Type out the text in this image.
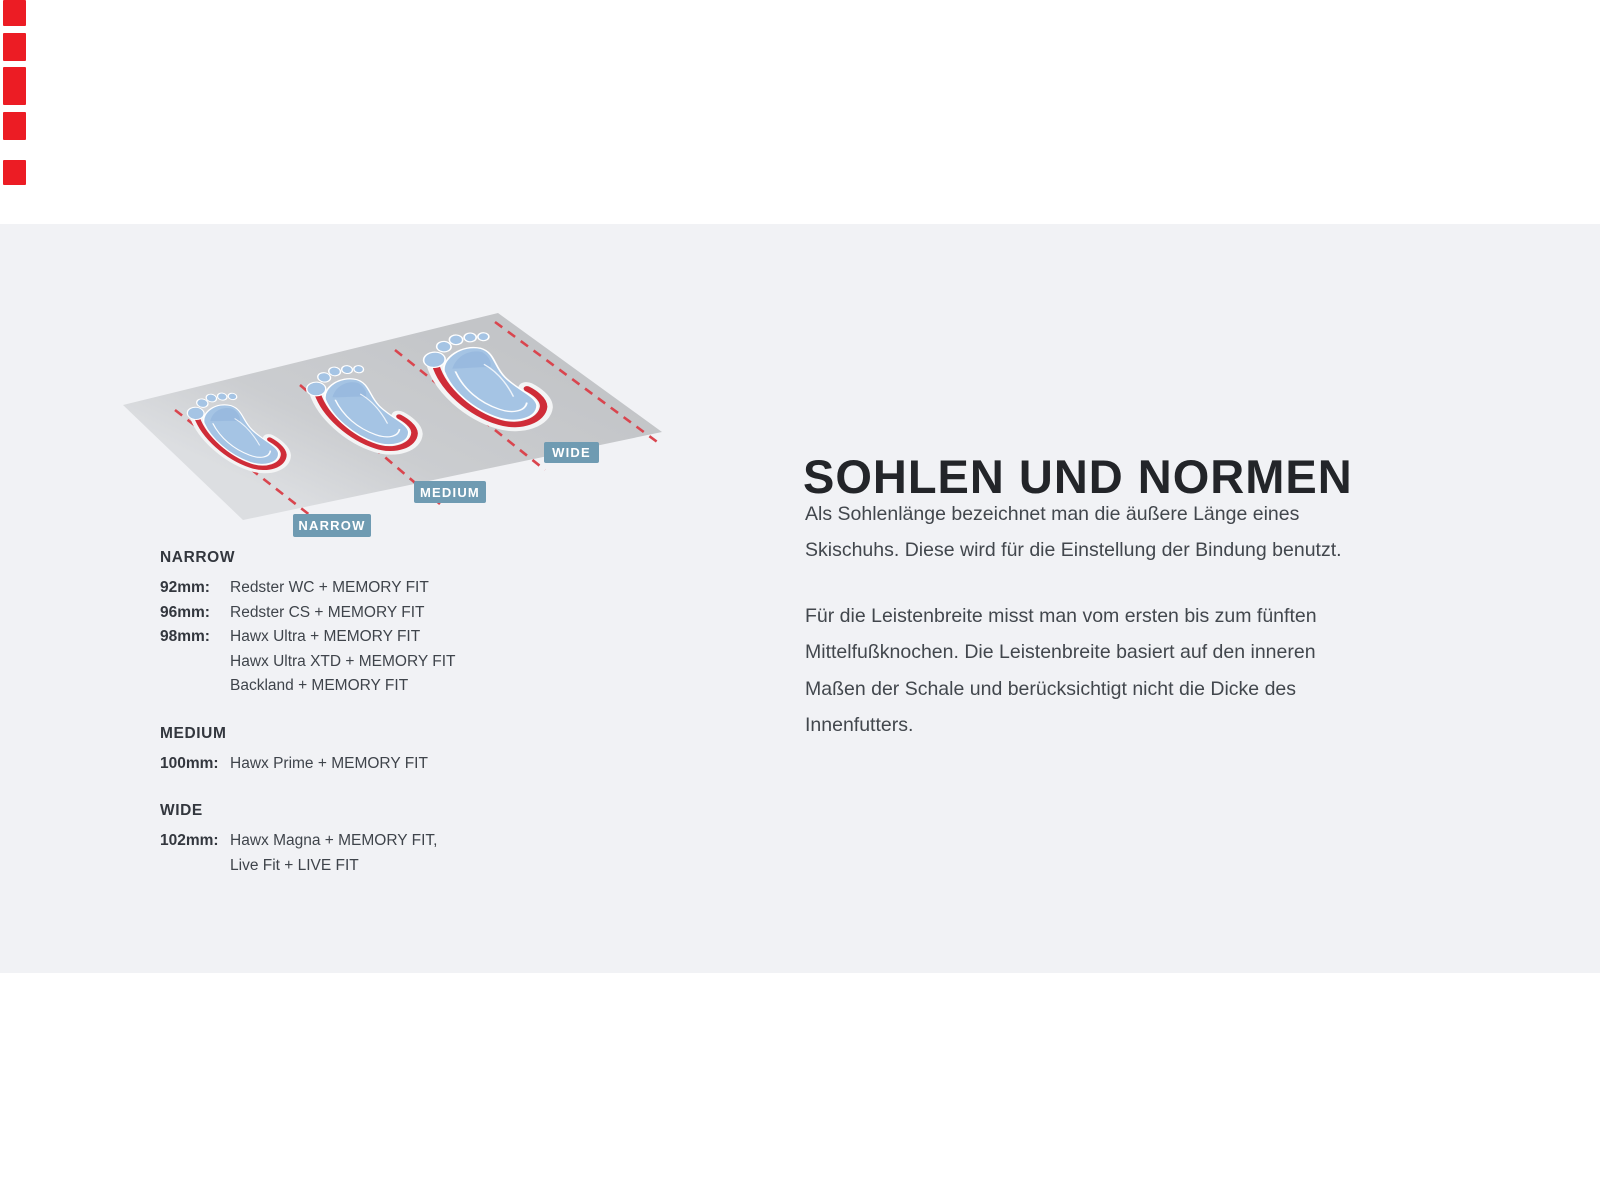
NARROW
MEDIUM
WIDE
NARROW
92mm:	Redster WC + MEMORY FIT
96mm:	Redster CS + MEMORY FIT
98mm:	Hawx Ultra + MEMORY FIT
Hawx Ultra XTD + MEMORY FIT
Backland + MEMORY FIT
MEDIUM
100mm: Hawx Prime + MEMORY FIT
WIDE
102mm: Hawx Magna + MEMORY FIT,
Live Fit + LIVE FIT
SOHLEN UND NORMEN
Als Sohlenlänge bezeichnet man die äußere Länge eines
Skischuhs. Diese wird für die Einstellung der Bindung benutzt.
Für die Leistenbreite misst man vom ersten bis zum fünften
Mittelfußknochen. Die Leistenbreite basiert auf den inneren
Maßen der Schale und berücksichtigt nicht die Dicke des
Innenfutters.
